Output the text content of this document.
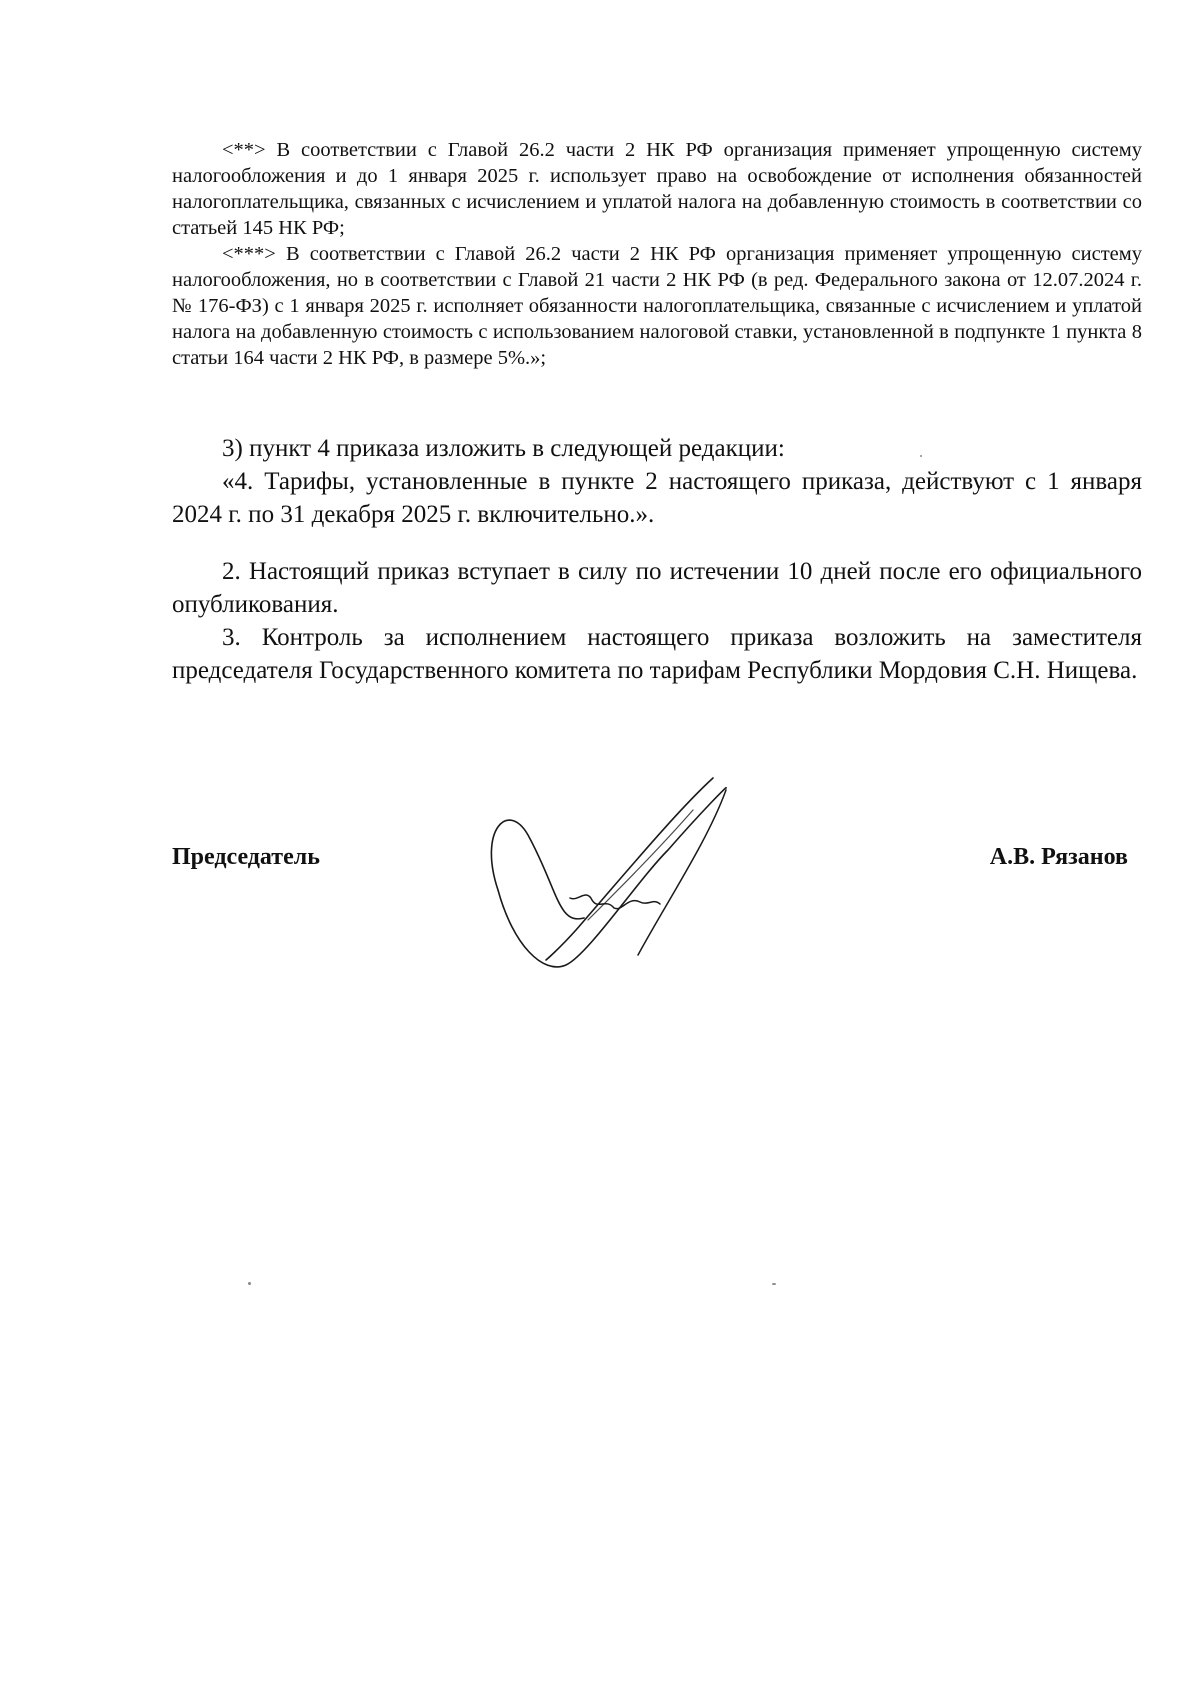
<**> В соответствии с Главой 26.2 части 2 НК РФ организация применяет упрощенную систему налогообложения и до 1 января 2025 г. использует право на освобождение от исполнения обязанностей налогоплательщика, связанных с исчислением и уплатой налога на добавленную стоимость в соответствии со статьей 145 НК РФ;

<***> В соответствии с Главой 26.2 части 2 НК РФ организация применяет упрощенную систему налогообложения, но в соответствии с Главой 21 части 2 НК РФ (в ред. Федерального закона от 12.07.2024 г. № 176-ФЗ) с 1 января 2025 г. исполняет обязанности налогоплательщика, связанные с исчислением и уплатой налога на добавленную стоимость с использованием налоговой ставки, установленной в подпункте 1 пункта 8 статьи 164 части 2 НК РФ, в размере 5%.»;

3) пункт 4 приказа изложить в следующей редакции:

«4. Тарифы, установленные в пункте 2 настоящего приказа, действуют с 1 января 2024 г. по 31 декабря 2025 г. включительно.».

2. Настоящий приказ вступает в силу по истечении 10 дней после его официального опубликования.

3. Контроль за исполнением настоящего приказа возложить на заместителя председателя Государственного комитета по тарифам Республики Мордовия С.Н. Нищева.

Председатель	А.В. Рязанов
